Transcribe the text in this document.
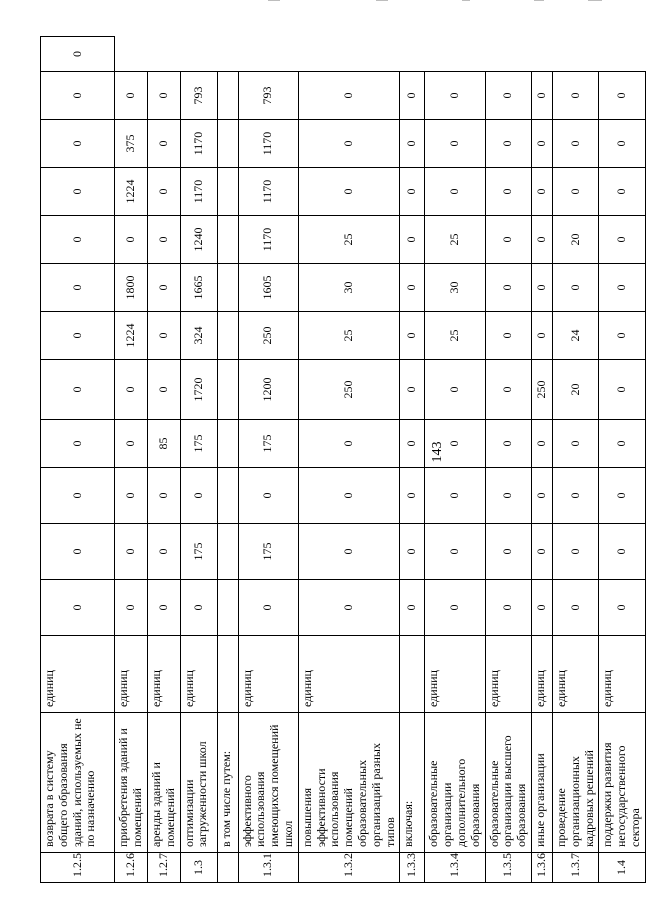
143
1.2.5	возврата в систему общего образования зданий, используемых не по назначению	единиц	0	0	0	0	0	0	0	0	0	0	0	0
1.2.6	приобретения зданий и помещений	единиц	0	0	0	0	0	1224	1800	0	1224	375	0	
1.2.7	аренды зданий и помещений	единиц	0	0	0	85	0	0	0	0	0	0	0	
1.3	оптимизации загруженности школ	единиц	0	175	0	175	1720	324	1665	1240	1170	1170	793	
	в том числе путем:													
1.3.1	эффективного использования имеющихся помещений школ	единиц	0	175	0	175	1200	250	1605	1170	1170	1170	793	
1.3.2	повышения эффективности использования помещений образовательных организаций разных типов	единиц	0	0	0	0	250	25	30	25	0	0	0	
1.3.3	включая:		0	0	0	0	0	0	0	0	0	0	0	
1.3.4	образовательные организации дополнительного образования	единиц	0	0	0	0	0	25	30	25	0	0	0	
1.3.5	образовательные организации высшего образования	единиц	0	0	0	0	0	0	0	0	0	0	0	
1.3.6	иные организации	единиц	0	0	0	0	250	0	0	0	0	0	0	
1.3.7	проведение организационных кадровых решений	единиц	0	0	0	0	20	24	0	20	0	0	0	
1.4	поддержки развития негосударственного сектора	единиц	0	0	0	0	0	0	0	0	0	0	0	
